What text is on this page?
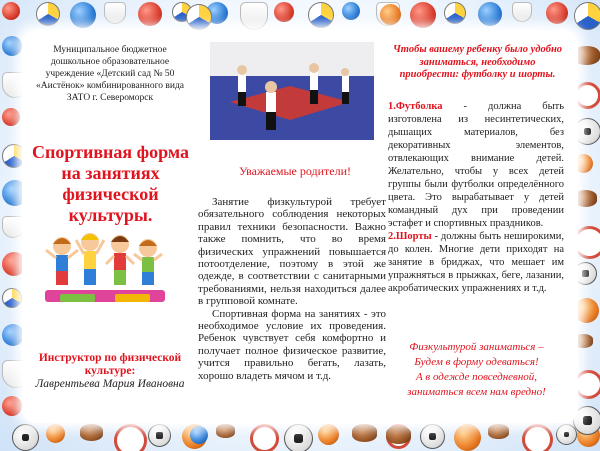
Муниципальное бюджетное дошкольное образовательное учреждение «Детский сад № 50 «Аистёнок» комбинированного вида ЗАТО г. Североморск
Спортивная форма на занятиях физической культуры.
Инструктор по физической культуре:
Лаврентьева Мария Ивановна
Уважаемые родители!

Занятие физкультурой требует обязательного соблюдения некоторых правил техники безопасности. Важно также помнить, что во время физических упражнений повышается потоотделение, поэтому в этой же одежде, в соответствии с санитарными требованиями, нельзя находиться далее в групповой комнате.

Спортивная форма на занятиях - это необходимое условие их проведения. Ребенок чувствует себя комфортно и получает полное физическое развитие, учится правильно бегать, лазать, хорошо владеть мячом и т.д.

Чтобы вашему ребенку было удобно заниматься, необходимо приобрести: футболку и шорты.

1.Футболка - должна быть изготовлена из несинтетических, дышащих материалов, без декоративных элементов, отвлекающих внимание детей. Желательно, чтобы у всех детей группы были футболки определённого цвета. Это вырабатывает у детей командный дух при проведении эстафет и спортивных праздников.

2.Шорты - должны быть неширокими, до колен. Многие дети приходят на занятие в бриджах, что мешает им упражняться в прыжках, беге, лазании, акробатических упражнениях и т.д.

Физкультурой заниматься –
Будем в форму одеваться!
А в одежде повседневной,
заниматься всем нам вредно!
